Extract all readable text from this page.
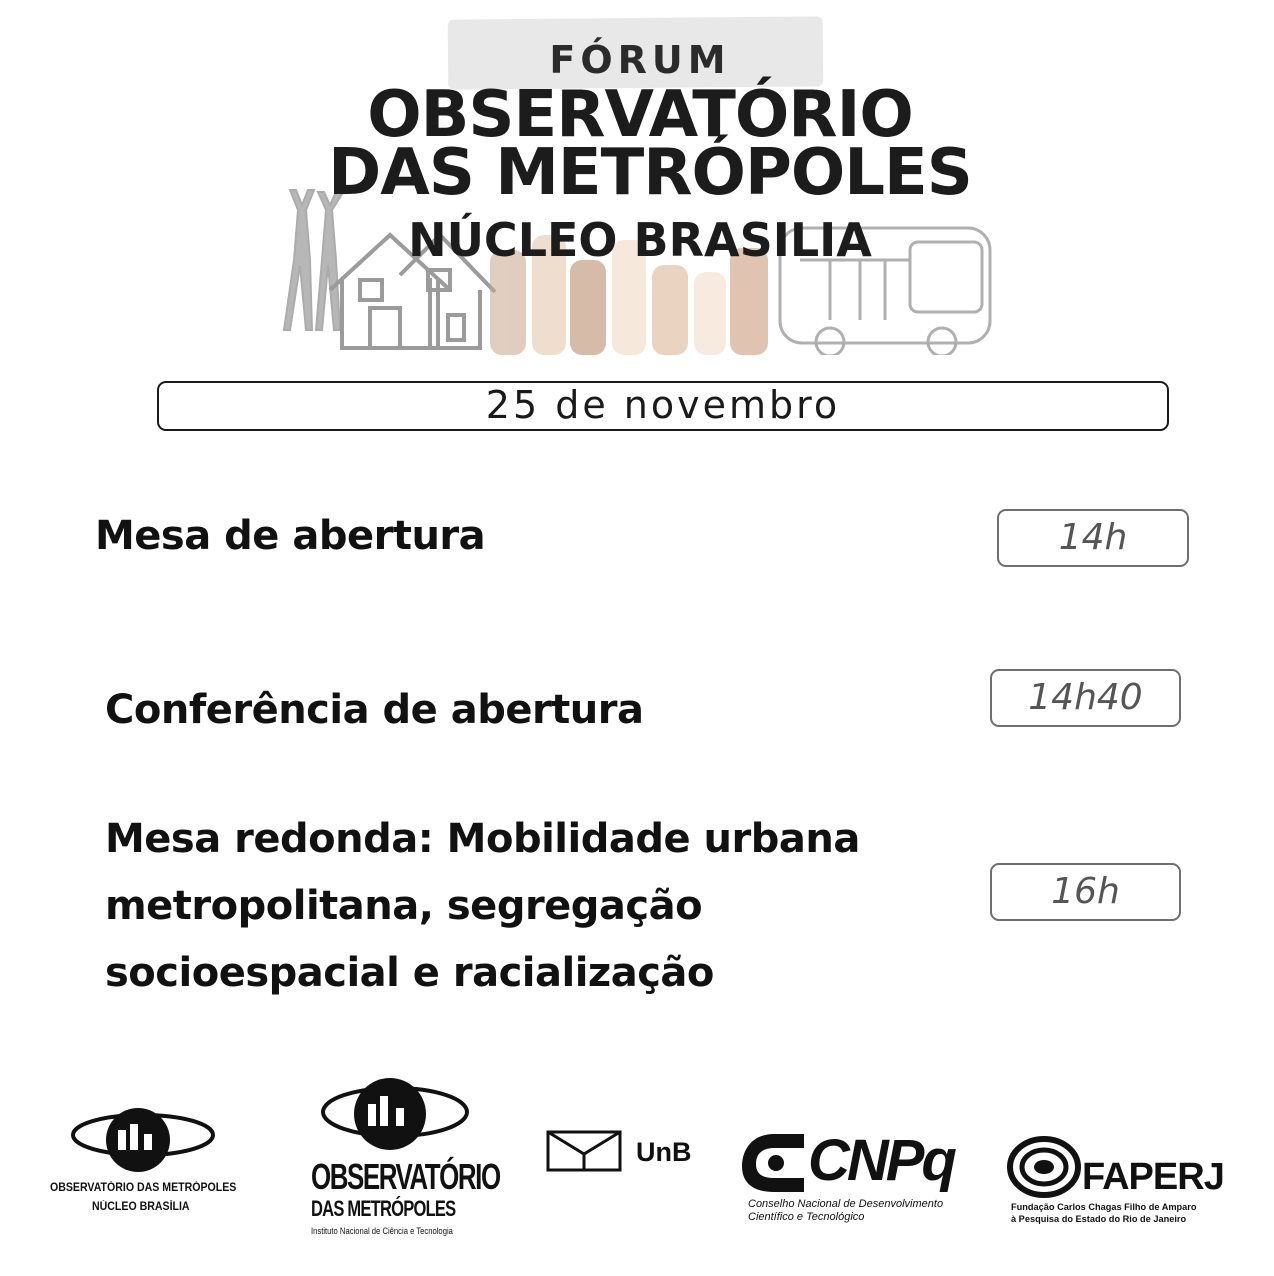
FÓRUM
OBSERVATÓRIO
DAS METRÓPOLES
NÚCLEO BRASILIA
25 de novembro
Mesa de abertura	14h
Conferência de abertura	14h40
Mesa redonda: Mobilidade urbana metropolitana, segregação socioespacial e racialização
16h
OBSERVATÓRIO DAS METRÓPOLES
NÚCLEO BRASÍLIA
OBSERVATÓRIO
DAS METRÓPOLES
Instituto Nacional de Ciência e Tecnologia
UnB CNPq
Conselho Nacional de Desenvolvimento
Científico e Tecnológico
FAPERJ
Fundação Carlos Chagas Filho de Amparo
à Pesquisa do Estado do Rio de Janeiro
